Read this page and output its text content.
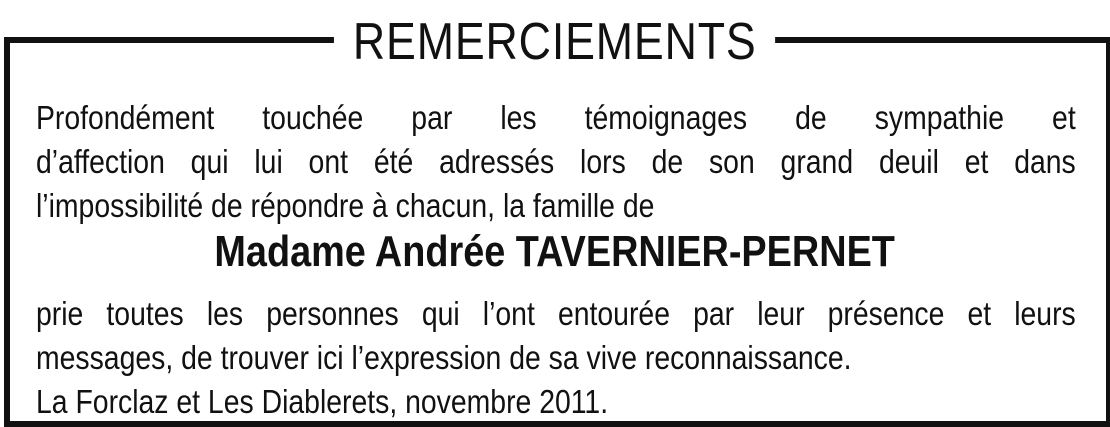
REMERCIEMENTS
Profondément touchée par les témoignages de sympathie et
d’affection qui lui ont été adressés lors de son grand deuil et dans
l’impossibilité de répondre à chacun, la famille de
Madame Andrée TAVERNIER-PERNET
prie toutes les personnes qui l’ont entourée par leur présence et leurs
messages, de trouver ici l’expression de sa vive reconnaissance.
La Forclaz et Les Diablerets, novembre 2011.
